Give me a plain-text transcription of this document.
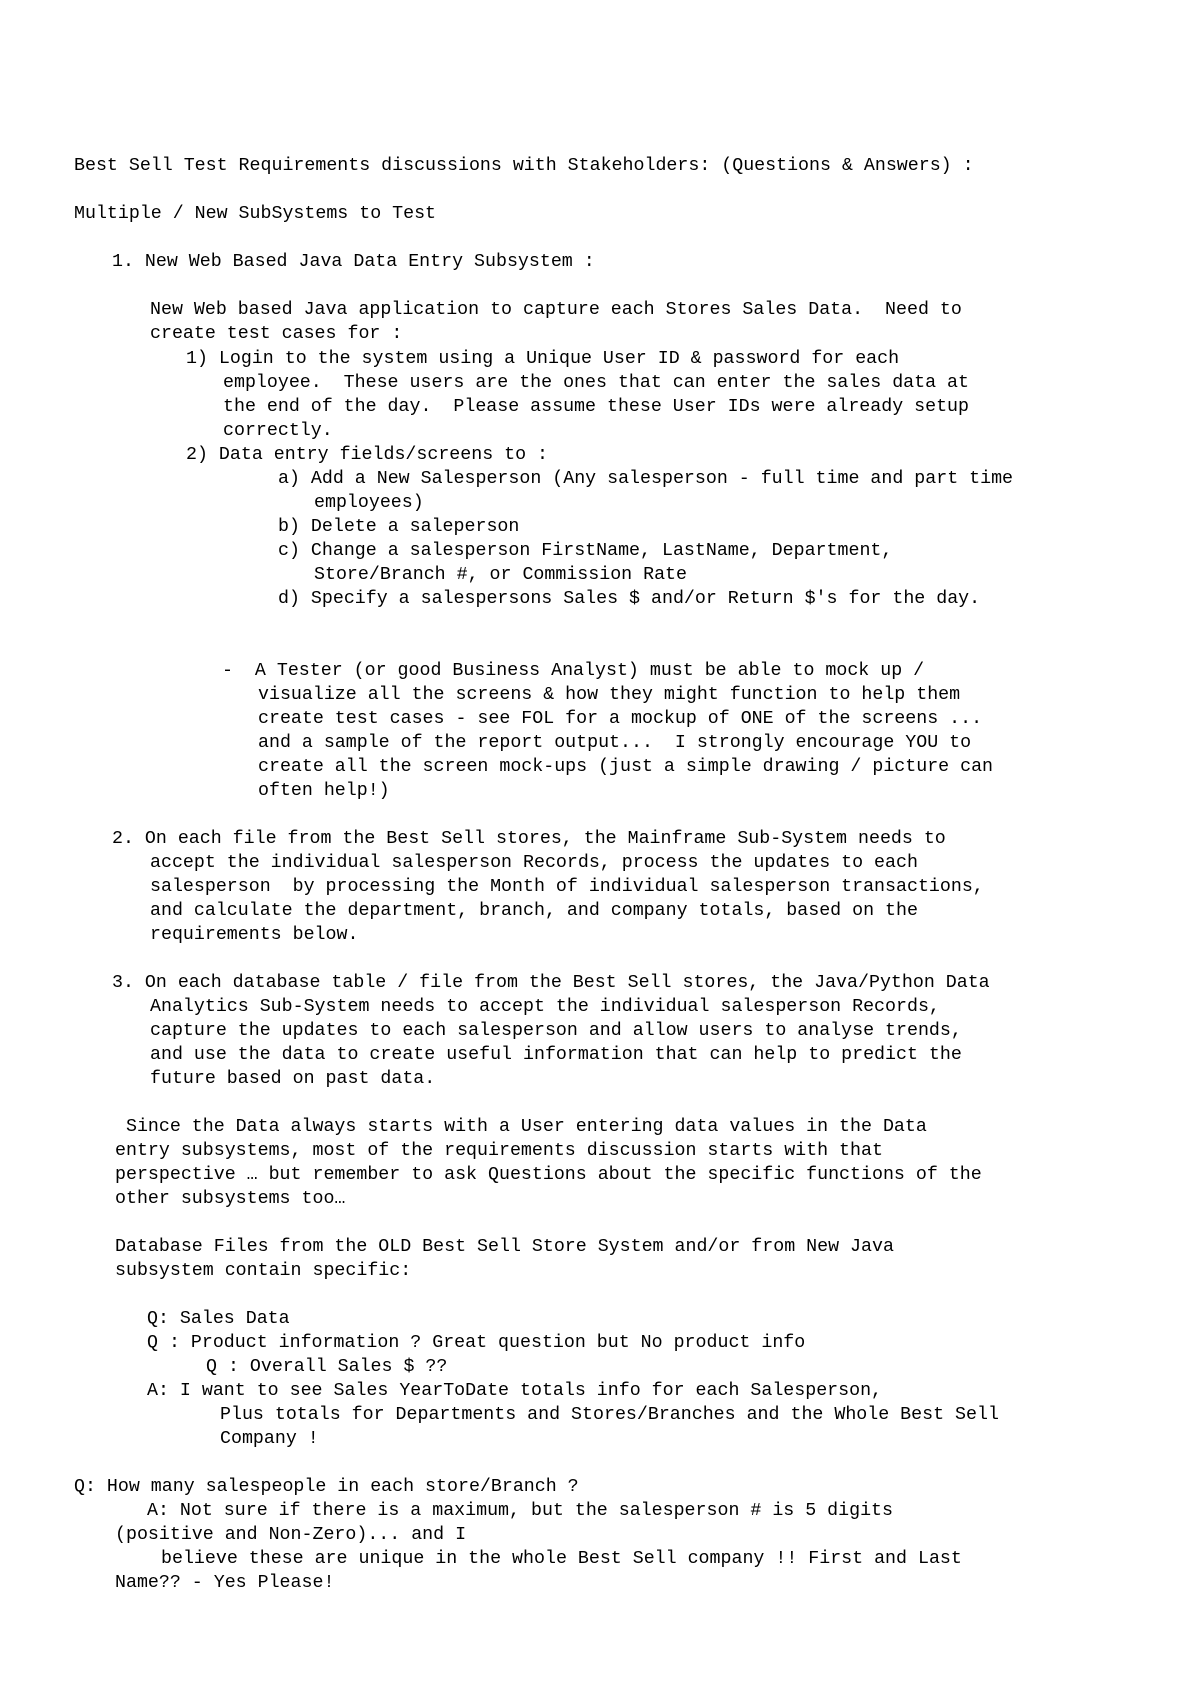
Best Sell Test Requirements discussions with Stakeholders: (Questions & Answers) :

Multiple / New SubSystems to Test

1. New Web Based Java Data Entry Subsystem :

New Web based Java application to capture each Stores Sales Data.  Need to

create test cases for :

1) Login to the system using a Unique User ID & password for each

employee.  These users are the ones that can enter the sales data at

the end of the day.  Please assume these User IDs were already setup

correctly.

2) Data entry fields/screens to :

a) Add a New Salesperson (Any salesperson - full time and part time

employees)

b) Delete a saleperson

c) Change a salesperson FirstName, LastName, Department,

Store/Branch #, or Commission Rate

d) Specify a salespersons Sales $ and/or Return $'s for the day.

-  A Tester (or good Business Analyst) must be able to mock up /

visualize all the screens & how they might function to help them

create test cases - see FOL for a mockup of ONE of the screens ...

and a sample of the report output...  I strongly encourage YOU to

create all the screen mock-ups (just a simple drawing / picture can

often help!)

2. On each file from the Best Sell stores, the Mainframe Sub-System needs to

accept the individual salesperson Records, process the updates to each

salesperson  by processing the Month of individual salesperson transactions,

and calculate the department, branch, and company totals, based on the

requirements below.

3. On each database table / file from the Best Sell stores, the Java/Python Data

Analytics Sub-System needs to accept the individual salesperson Records,

capture the updates to each salesperson and allow users to analyse trends,

and use the data to create useful information that can help to predict the

future based on past data.

Since the Data always starts with a User entering data values in the Data

entry subsystems, most of the requirements discussion starts with that

perspective … but remember to ask Questions about the specific functions of the

other subsystems too…

Database Files from the OLD Best Sell Store System and/or from New Java

subsystem contain specific:

Q: Sales Data

Q : Product information ? Great question but No product info

Q : Overall Sales $ ??

A: I want to see Sales YearToDate totals info for each Salesperson,

Plus totals for Departments and Stores/Branches and the Whole Best Sell

Company !

Q: How many salespeople in each store/Branch ?

A: Not sure if there is a maximum, but the salesperson # is 5 digits

(positive and Non-Zero)... and I

believe these are unique in the whole Best Sell company !! First and Last

Name?? - Yes Please!
